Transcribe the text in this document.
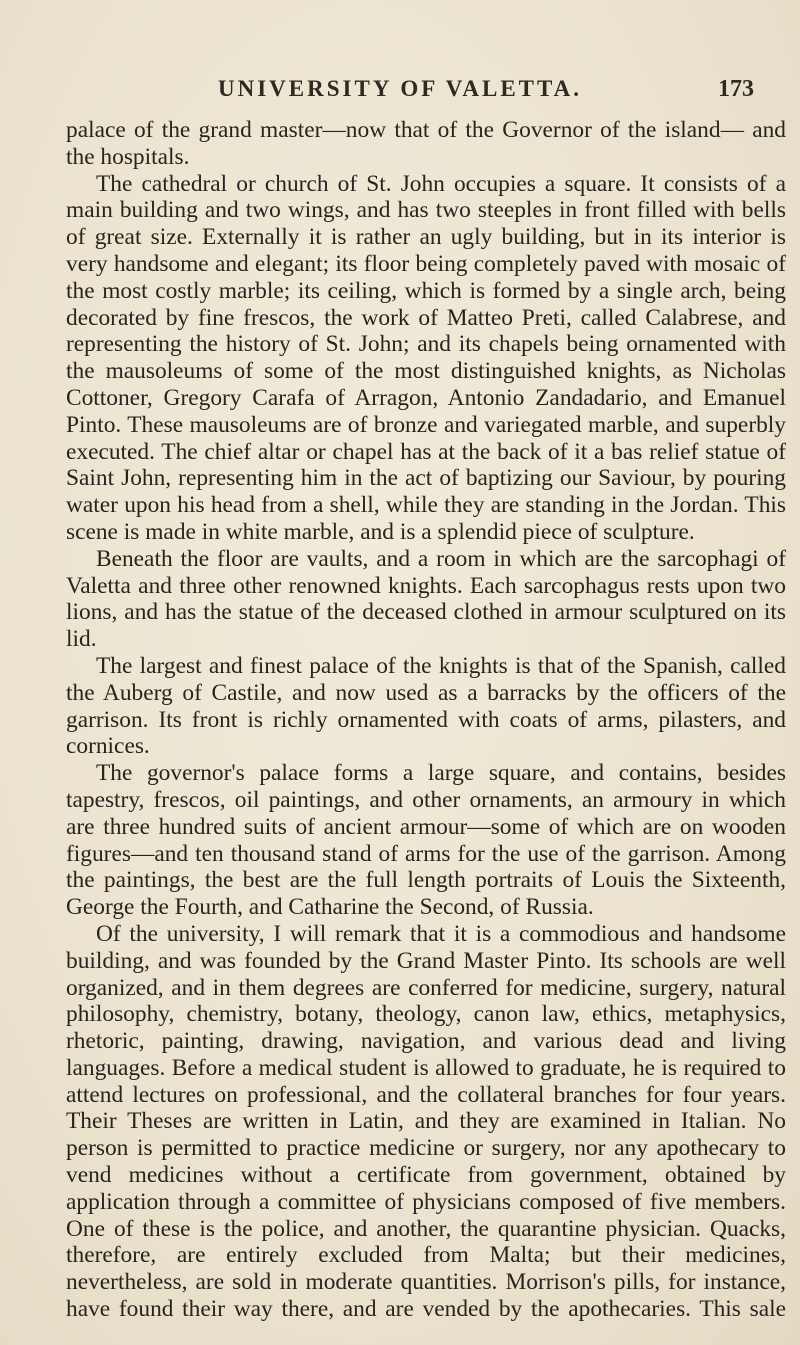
UNIVERSITY OF VALETTA.	173

palace of the grand master—now that of the Governor of the island— and the hospitals.

The cathedral or church of St. John occupies a square. It consists of a main building and two wings, and has two steeples in front filled with bells of great size. Externally it is rather an ugly building, but in its interior is very handsome and elegant; its floor being completely paved with mosaic of the most costly marble; its ceiling, which is formed by a single arch, being decorated by fine frescos, the work of Matteo Preti, called Calabrese, and representing the history of St. John; and its chapels being ornamented with the mausoleums of some of the most distinguished knights, as Nicholas Cottoner, Gregory Carafa of Arragon, Antonio Zandadario, and Emanuel Pinto. These mausoleums are of bronze and variegated marble, and superbly executed. The chief altar or chapel has at the back of it a bas relief statue of Saint John, representing him in the act of baptizing our Saviour, by pouring water upon his head from a shell, while they are standing in the Jordan. This scene is made in white marble, and is a splendid piece of sculpture.

Beneath the floor are vaults, and a room in which are the sarcophagi of Valetta and three other renowned knights. Each sarcophagus rests upon two lions, and has the statue of the deceased clothed in armour sculptured on its lid.

The largest and finest palace of the knights is that of the Spanish, called the Auberg of Castile, and now used as a barracks by the officers of the garrison. Its front is richly ornamented with coats of arms, pilasters, and cornices.

The governor's palace forms a large square, and contains, besides tapestry, frescos, oil paintings, and other ornaments, an armoury in which are three hundred suits of ancient armour—some of which are on wooden figures—and ten thousand stand of arms for the use of the garrison. Among the paintings, the best are the full length portraits of Louis the Sixteenth, George the Fourth, and Catharine the Second, of Russia.

Of the university, I will remark that it is a commodious and handsome building, and was founded by the Grand Master Pinto. Its schools are well organized, and in them degrees are conferred for medicine, surgery, natural philosophy, chemistry, botany, theology, canon law, ethics, metaphysics, rhetoric, painting, drawing, navigation, and various dead and living languages. Before a medical student is allowed to graduate, he is required to attend lectures on professional, and the collateral branches for four years. Their Theses are written in Latin, and they are examined in Italian. No person is permitted to practice medicine or surgery, nor any apothecary to vend medicines without a certificate from government, obtained by application through a committee of physicians composed of five members. One of these is the police, and another, the quarantine physician. Quacks, therefore, are entirely excluded from Malta; but their medicines, nevertheless, are sold in moderate quantities. Morrison's pills, for instance, have found their way there, and are vended by the apothecaries. This sale
